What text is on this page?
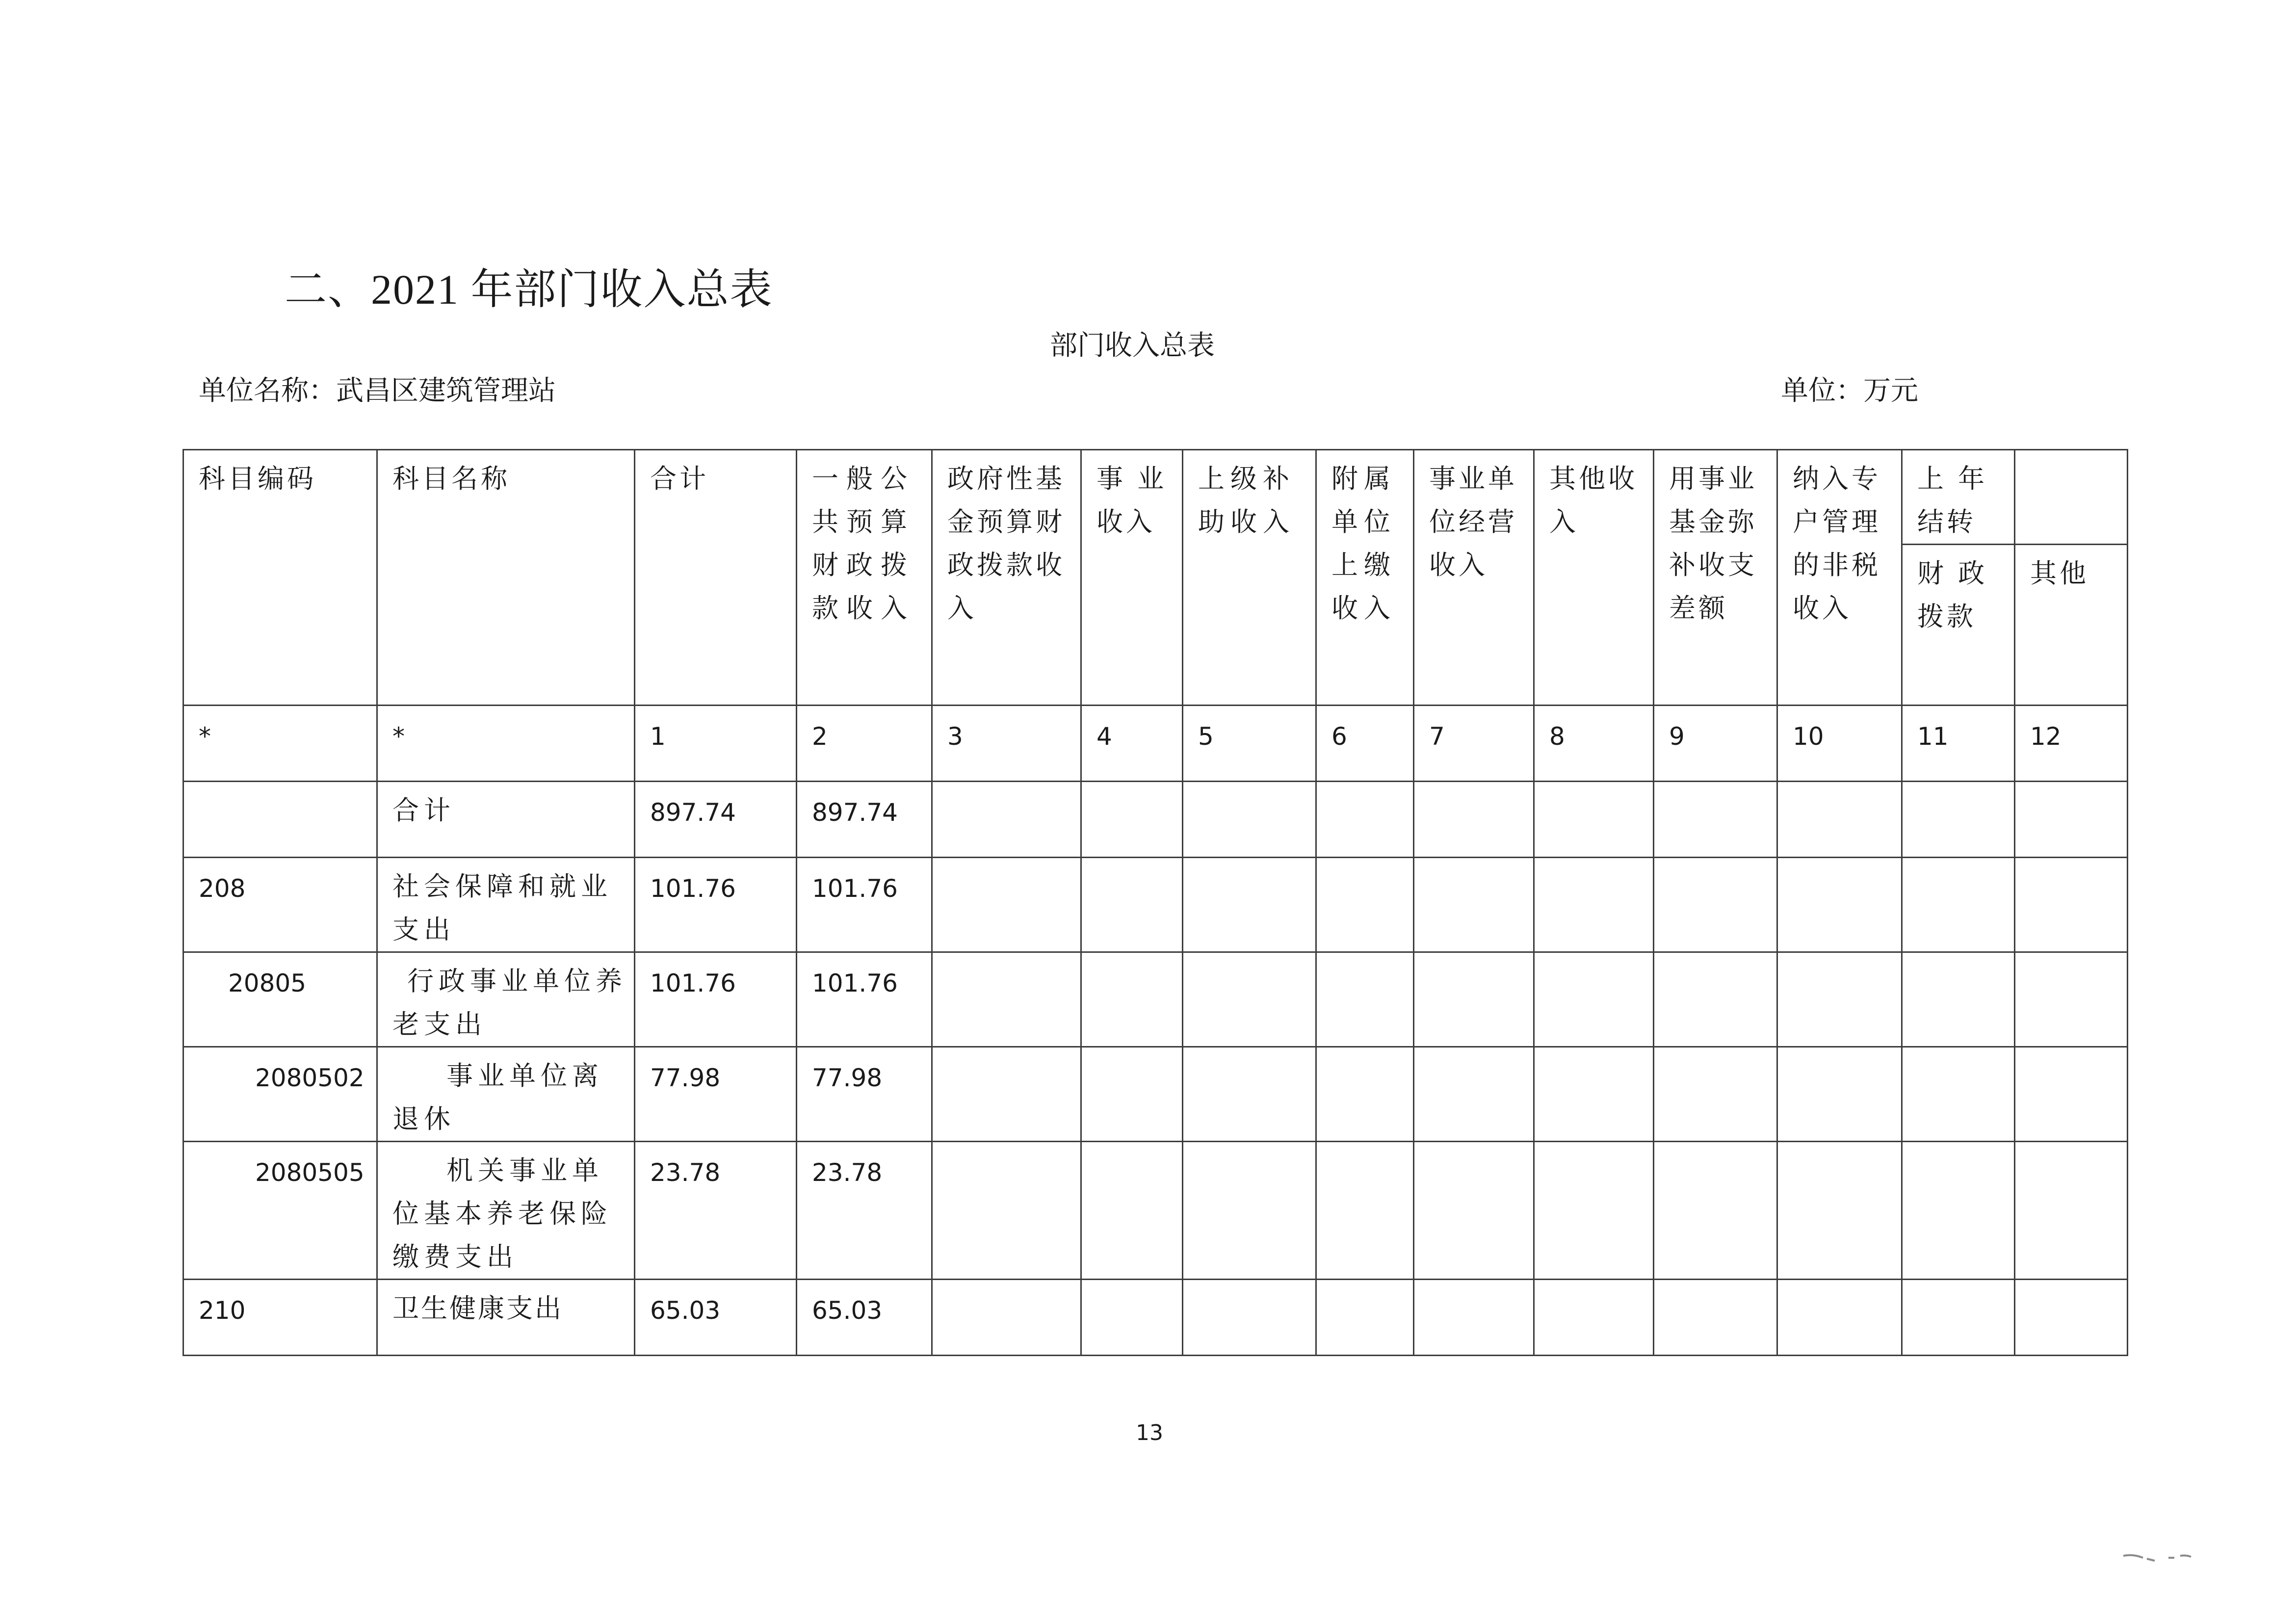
二、2021 年部门收入总表
部门收入总表
单位名称：武昌区建筑管理站	单位：万元
科目编码	科目名称	合计	一般公共预算财政拨款收入	政府性基金预算财政拨款收入	事 业收入	上级补助收入	附属单位上缴收入	事业单位经营收入	其他收入	用事业基金弥补收支差额	纳入专户管理的非税收入	上 年结转	
												财 政拨款	其他
*	*	1	2	3	4	5	6	7	8	9	10	11	12
	合计	897.74	897.74										
208	社会保障和就业支出	101.76	101.76										
20805	行政事业单位养老支出	101.76	101.76										
2080502	事业单位离退休	77.98	77.98										
2080505	机关事业单位基本养老保险缴费支出	23.78	23.78										
210	卫生健康支出	65.03	65.03										
13
